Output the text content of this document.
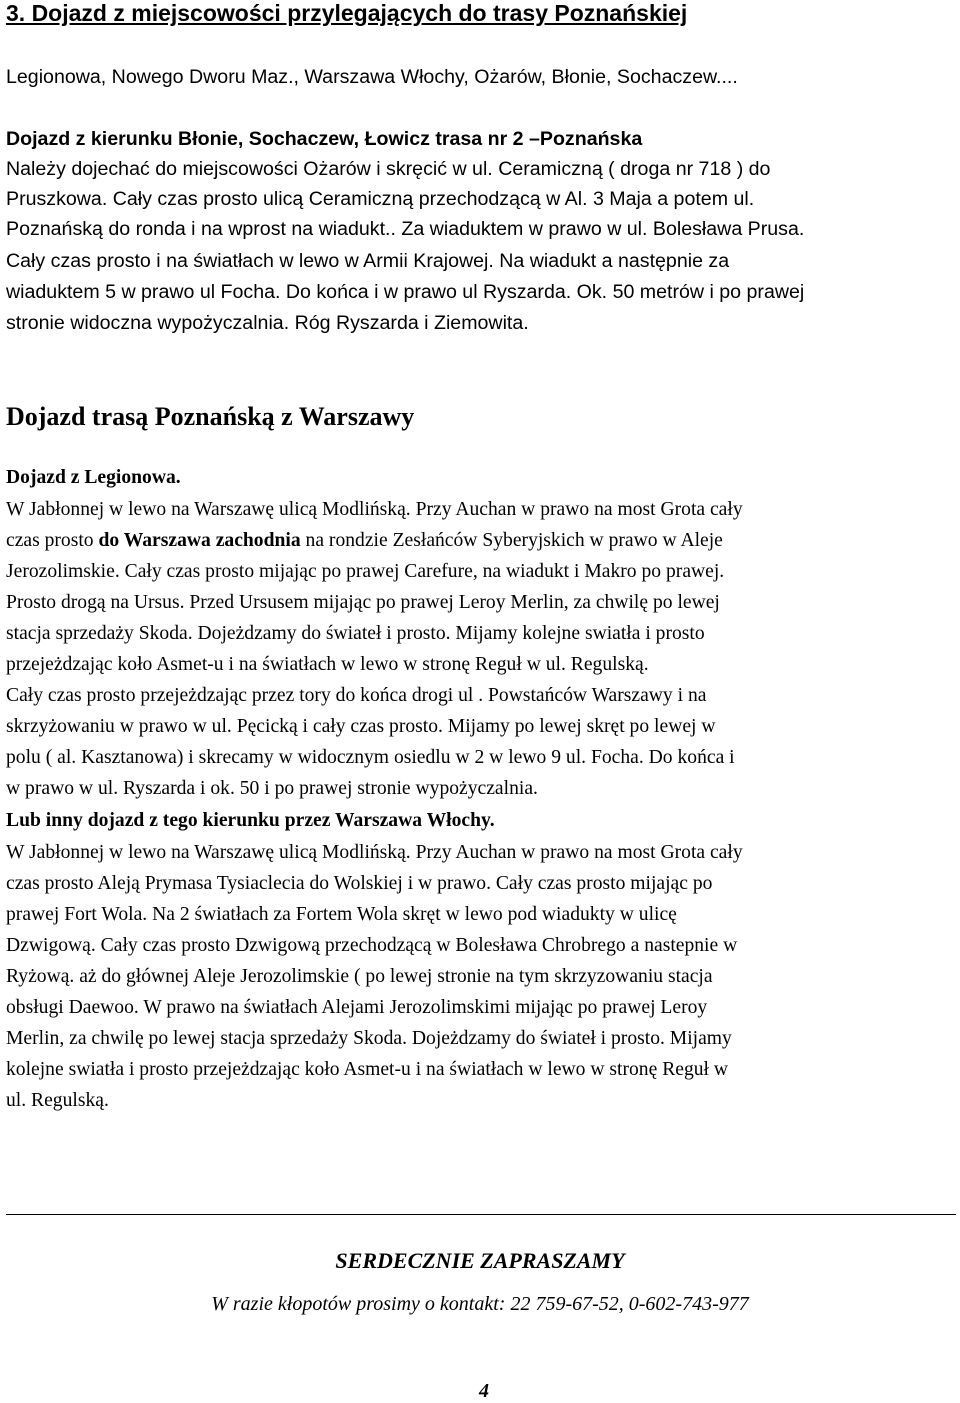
3. Dojazd z miejscowości przylegających do trasy Poznańskiej

Legionowa, Nowego Dworu Maz., Warszawa Włochy, Ożarów, Błonie, Sochaczew....

Dojazd z kierunku Błonie, Sochaczew, Łowicz trasa nr 2 –Poznańska

Należy dojechać do miejscowości Ożarów i skręcić w ul. Ceramiczną ( droga nr 718 ) do

Pruszkowa. Cały czas prosto ulicą Ceramiczną przechodzącą w Al. 3 Maja a potem ul.

Poznańską do ronda i na wprost na wiadukt.. Za wiaduktem w prawo w ul. Bolesława Prusa.

Cały czas prosto i na światłach w lewo w Armii Krajowej. Na wiadukt a następnie za

wiaduktem 5 w prawo ul Focha. Do końca i w prawo ul Ryszarda. Ok. 50 metrów i po prawej

stronie widoczna wypożyczalnia. Róg Ryszarda i Ziemowita.

Dojazd trasą Poznańską z Warszawy

Dojazd z Legionowa.

W Jabłonnej w lewo na Warszawę ulicą Modlińską. Przy Auchan w prawo na most Grota cały

czas prosto do Warszawa zachodnia na rondzie Zesłańców Syberyjskich w prawo w Aleje

Jerozolimskie. Cały czas prosto mijając po prawej Carefure, na wiadukt i Makro po prawej.

Prosto drogą na Ursus. Przed Ursusem mijając po prawej Leroy Merlin, za chwilę po lewej

stacja sprzedaży Skoda. Dojeżdzamy do świateł i prosto. Mijamy kolejne swiatła i prosto

przejeżdzając koło Asmet-u i na światłach w lewo w stronę Reguł w ul. Regulską.

Cały czas prosto przejeżdzając przez tory do końca drogi ul . Powstańców Warszawy i na

skrzyżowaniu w prawo w ul. Pęcicką i cały czas prosto. Mijamy po lewej skręt po lewej w

polu ( al. Kasztanowa) i skrecamy w widocznym osiedlu w 2 w lewo 9 ul. Focha. Do końca i

w prawo w ul. Ryszarda i ok. 50 i po prawej stronie wypożyczalnia.

Lub inny dojazd z tego kierunku przez Warszawa Włochy.

W Jabłonnej w lewo na Warszawę ulicą Modlińską. Przy Auchan w prawo na most Grota cały

czas prosto Aleją Prymasa Tysiaclecia do Wolskiej i w prawo. Cały czas prosto mijając po

prawej Fort Wola. Na 2 światłach za Fortem Wola skręt w lewo pod wiadukty w ulicę

Dzwigową. Cały czas prosto Dzwigową przechodzącą w Bolesława Chrobrego a nastepnie w

Ryżową. aż do głównej Aleje Jerozolimskie ( po lewej stronie na tym skrzyzowaniu stacja

obsługi Daewoo. W prawo na światłach Alejami Jerozolimskimi mijając po prawej Leroy

Merlin, za chwilę po lewej stacja sprzedaży Skoda. Dojeżdzamy do świateł i prosto. Mijamy

kolejne swiatła i prosto przejeżdzając koło Asmet-u i na światłach w lewo w stronę Reguł w

ul. Regulską.

SERDECZNIE ZAPRASZAMY

W razie kłopotów prosimy o kontakt: 22 759-67-52, 0-602-743-977

4
